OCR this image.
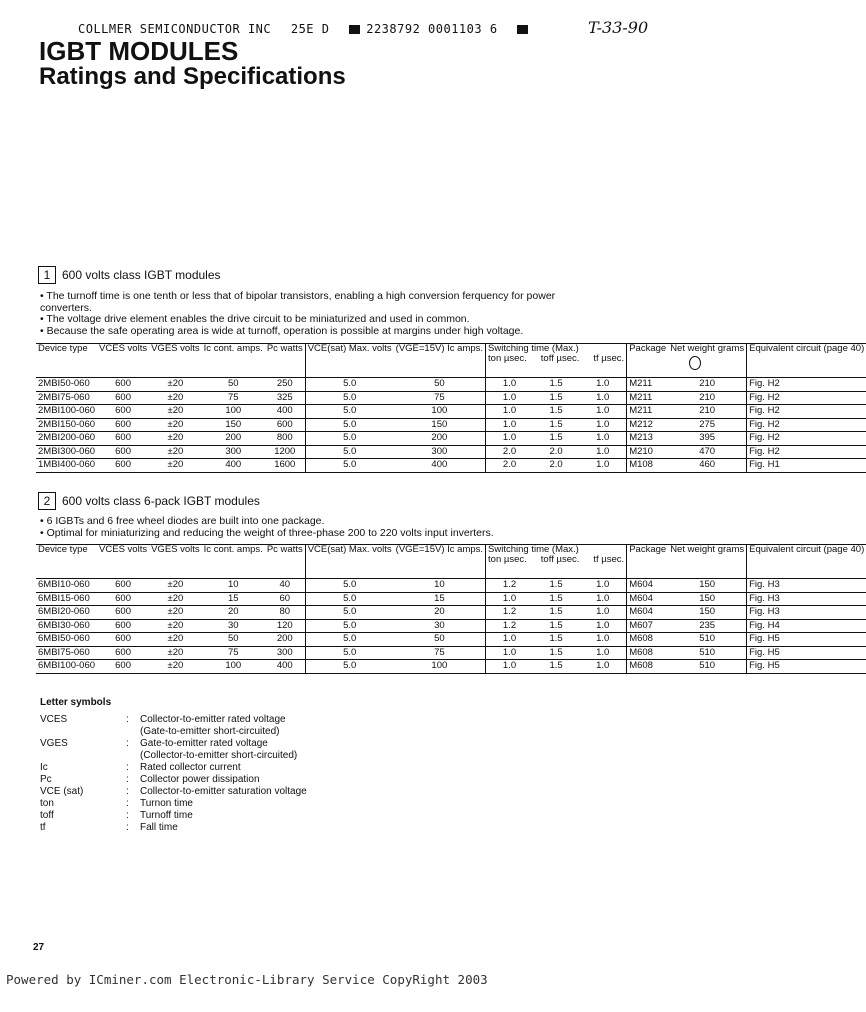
COLLMER SEMICONDUCTOR INC 25E D	2238792 0001103 6	T-33-90
IGBT MODULES
Ratings and Specifications
1 600 volts class IGBT modules
• The turnoff time is one tenth or less that of bipolar transistors, enabling a high conversion ferquency for power converters.
• The voltage drive element enables the drive circuit to be miniaturized and used in common.
• Because the safe operating area is wide at turnoff, operation is possible at margins under high voltage.
Device type	VCES volts	VGES volts	Ic cont. amps.	Pc watts	VCE(sat) Max. volts	(VGE=15V) Ic amps.	Switching time (Max.)
ton µsec. toff µsec. tf µsec.			Package	Net weight grams	Equivalent circuit (page 40)
2MBI50-060	600	±20	50	250	5.0	50	1.0	1.5	1.0	M211	210	Fig. H2
2MBI75-060	600	±20	75	325	5.0	75	1.0	1.5	1.0	M211	210	Fig. H2
2MBI100-060	600	±20	100	400	5.0	100	1.0	1.5	1.0	M211	210	Fig. H2
2MBI150-060	600	±20	150	600	5.0	150	1.0	1.5	1.0	M212	275	Fig. H2
2MBI200-060	600	±20	200	800	5.0	200	1.0	1.5	1.0	M213	395	Fig. H2
2MBI300-060	600	±20	300	1200	5.0	300	2.0	2.0	1.0	M210	470	Fig. H2
1MBI400-060	600	±20	400	1600	5.0	400	2.0	2.0	1.0	M108	460	Fig. H1
2 600 volts class 6-pack IGBT modules
• 6 IGBTs and 6 free wheel diodes are built into one package.
• Optimal for miniaturizing and reducing the weight of three-phase 200 to 220 volts input inverters.
Device type	VCES volts	VGES volts	Ic cont. amps.	Pc watts	VCE(sat) Max. volts	(VGE=15V) Ic amps.	Switching time (Max.)
ton µsec. toff µsec. tf µsec.			Package	Net weight grams	Equivalent circuit (page 40)
6MBI10-060	600	±20	10	40	5.0	10	1.2	1.5	1.0	M604	150	Fig. H3
6MBI15-060	600	±20	15	60	5.0	15	1.0	1.5	1.0	M604	150	Fig. H3
6MBI20-060	600	±20	20	80	5.0	20	1.2	1.5	1.0	M604	150	Fig. H3
6MBI30-060	600	±20	30	120	5.0	30	1.2	1.5	1.0	M607	235	Fig. H4
6MBI50-060	600	±20	50	200	5.0	50	1.0	1.5	1.0	M608	510	Fig. H5
6MBI75-060	600	±20	75	300	5.0	75	1.0	1.5	1.0	M608	510	Fig. H5
6MBI100-060	600	±20	100	400	5.0	100	1.0	1.5	1.0	M608	510	Fig. H5
Letter symbols
VCES	:	Collector-to-emitter rated voltage
(Gate-to-emitter short-circuited)
VGES	:	Gate-to-emitter rated voltage
(Collector-to-emitter short-circuited)
Ic	:	Rated collector current
Pc	:	Collector power dissipation
VCE (sat)	:	Collector-to-emitter saturation voltage
ton	:	Turnon time
toff	:	Turnoff time
tf	:	Fall time
27
Powered by ICminer.com Electronic-Library Service CopyRight 2003
